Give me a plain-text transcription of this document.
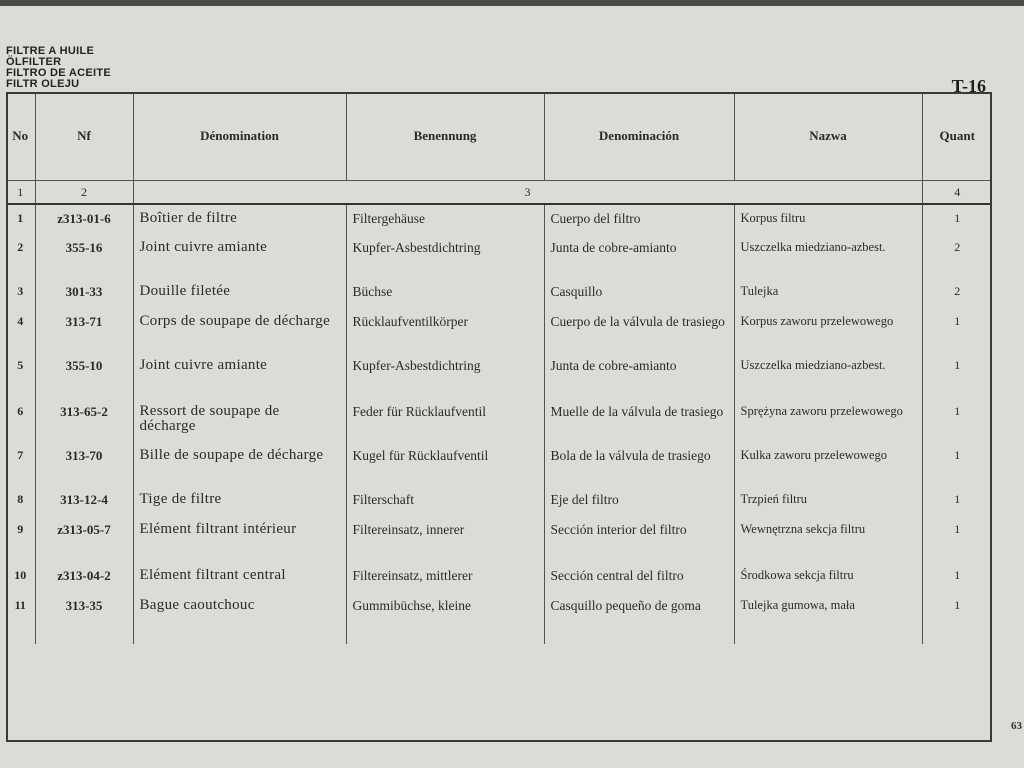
FILTRE A HUILE
ÖLFILTER
FILTRO DE ACEITE
FILTR OLEJU	T-16
63
No	Nf	Dénomination	Benennung	Denominación	Nazwa	Quant
1	2	3				4
1	z313-01-6	Boîtier de filtre	Filtergehäuse	Cuerpo del filtro	Korpus filtru	1
2	355-16	Joint cuivre amiante	Kupfer-Asbestdichtring	Junta de cobre-amianto	Uszczelka miedziano-azbest.	2
3	301-33	Douille filetée	Büchse	Casquillo	Tulejka	2
4	313-71	Corps de soupape de décharge	Rücklaufventilkörper	Cuerpo de la válvula de trasiego	Korpus zaworu przelewowego	1
5	355-10	Joint cuivre amiante	Kupfer-Asbestdichtring	Junta de cobre-amianto	Uszczelka miedziano-azbest.	1
6	313-65-2	Ressort de soupape de décharge	Feder für Rücklaufventil	Muelle de la válvula de trasiego	Sprężyna zaworu przelewowego	1
7	313-70	Bille de soupape de décharge	Kugel für Rücklaufventil	Bola de la válvula de trasiego	Kulka zaworu przelewowego	1
8	313-12-4	Tige de filtre	Filterschaft	Eje del filtro	Trzpień filtru	1
9	z313-05-7	Elément filtrant intérieur	Filtereinsatz, innerer	Sección interior del filtro	Wewnętrzna sekcja filtru	1
10	z313-04-2	Elément filtrant central	Filtereinsatz, mittlerer	Sección central del filtro	Środkowa sekcja filtru	1
11	313-35	Bague caoutchouc	Gummibüchse, kleine	Casquillo pequeño de goma	Tulejka gumowa, mała	1
